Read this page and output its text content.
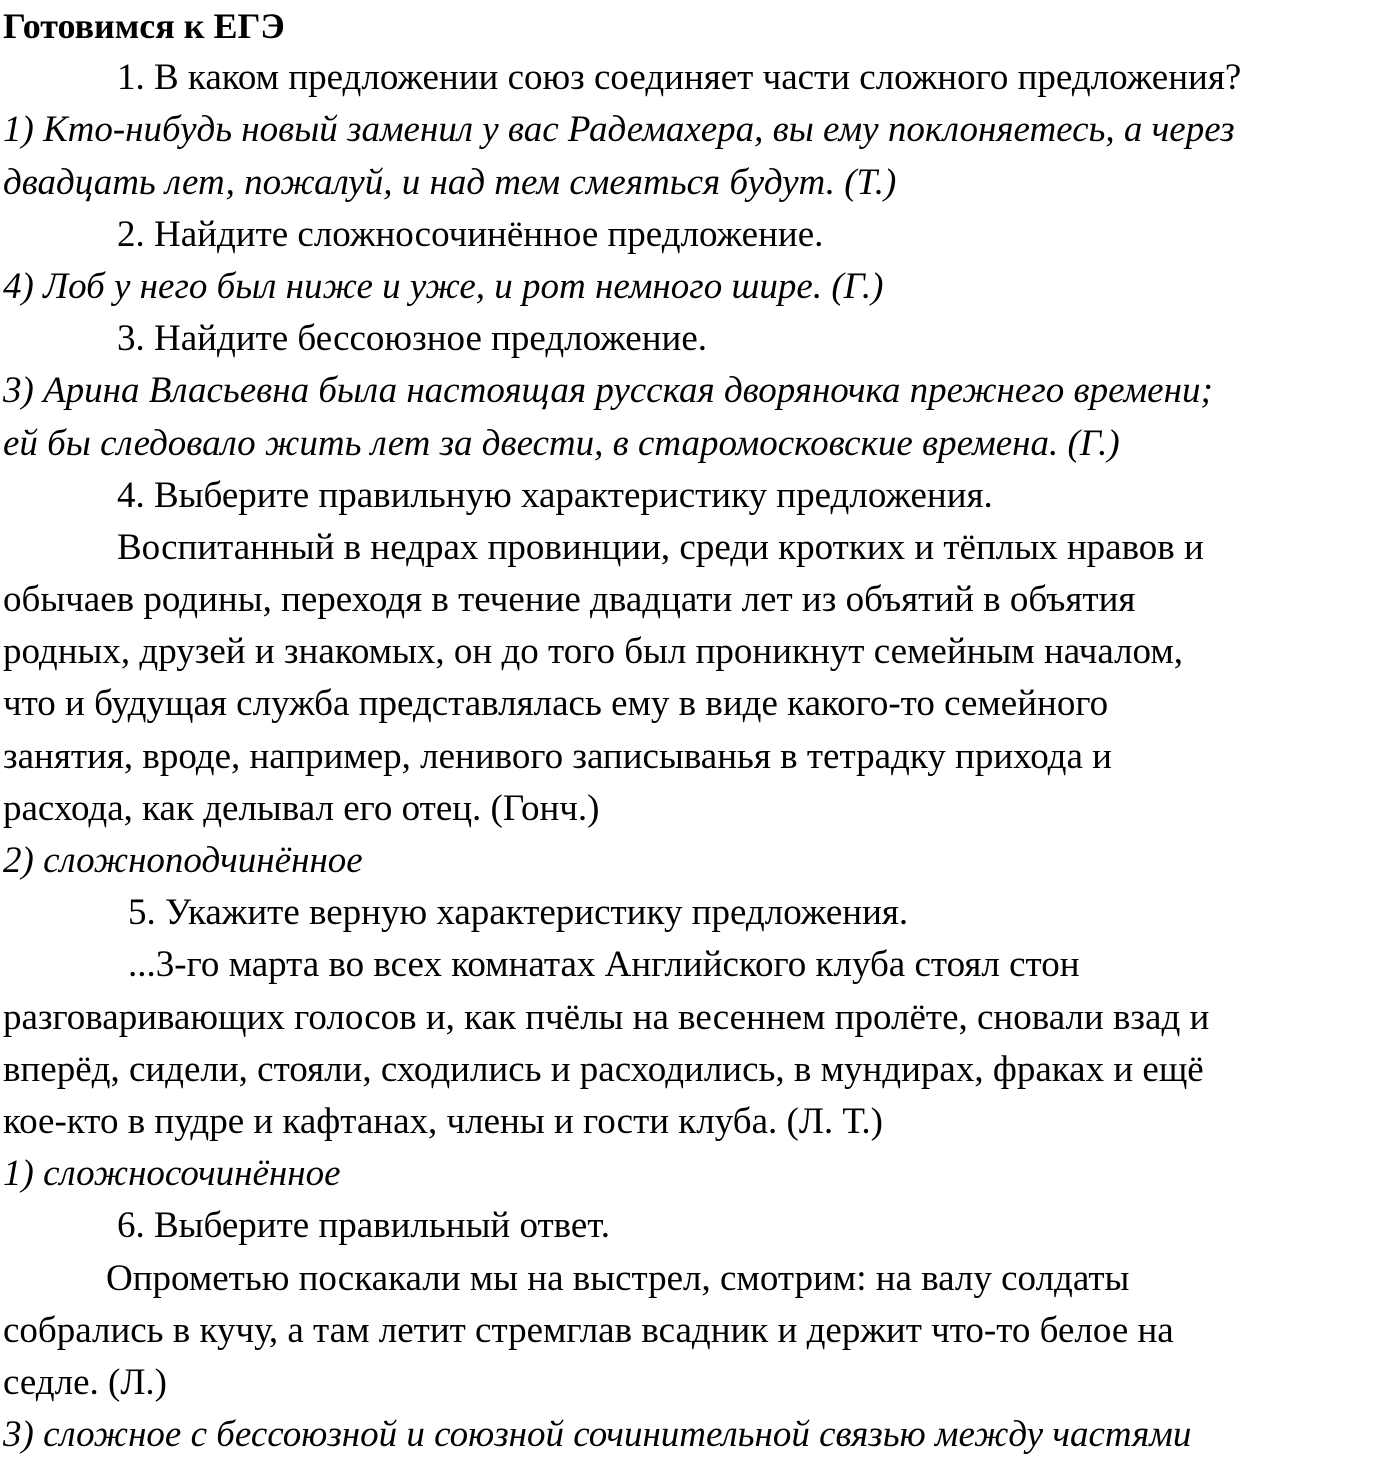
Готовимся к ЕГЭ
1. В каком предложении союз соединяет части сложного предложения?
1) Кто-нибудь новый заменил у вас Радемахера, вы ему поклоняетесь, а через
двадцать лет, пожалуй, и над тем смеяться будут. (Т.)
2. Найдите сложносочинённое предложение.
4) Лоб у него был ниже и уже, и рот немного шире. (Г.)
3. Найдите бессоюзное предложение.
3) Арина Власьевна была настоящая русская дворяночка прежнего времени;
ей бы следовало жить лет за двести, в старомосковские времена. (Г.)
4. Выберите правильную характеристику предложения.
Воспитанный в недрах провинции, среди кротких и тёплых нравов и
обычаев родины, переходя в течение двадцати лет из объятий в объятия
родных, друзей и знакомых, он до того был проникнут семейным началом,
что и будущая служба представлялась ему в виде какого-то семейного
занятия, вроде, например, ленивого записыванья в тетрадку прихода и
расхода, как делывал его отец. (Гонч.)
2) сложноподчинённое
5. Укажите верную характеристику предложения.
...3-го марта во всех комнатах Английского клуба стоял стон
разговаривающих голосов и, как пчёлы на весеннем пролёте, сновали взад и
вперёд, сидели, стояли, сходились и расходились, в мундирах, фраках и ещё
кое-кто в пудре и кафтанах, члены и гости клуба. (Л. Т.)
1) сложносочинённое
6. Выберите правильный ответ.
Опрометью поскакали мы на выстрел, смотрим: на валу солдаты
собрались в кучу, а там летит стремглав всадник и держит что-то белое на
седле. (Л.)
3) сложное с бессоюзной и союзной сочинительной связью между частями
